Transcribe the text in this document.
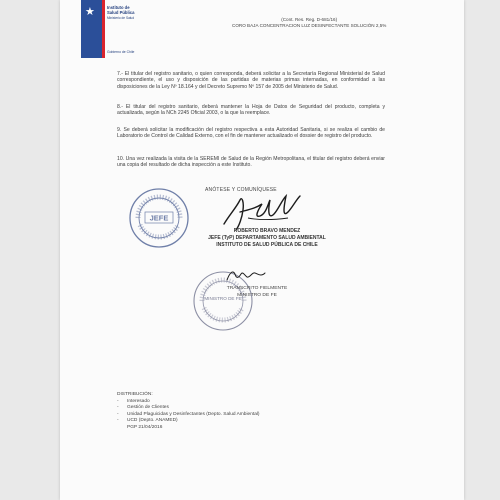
★	Instituto de Salud Pública
Ministerio de Salud
Gobierno de Chile
(Cont. Res. Reg. D-681/16)
CORO BAJA CONCENTRACION LUZ DESINFECTANTE SOLUCIÓN 2,5%

7.- El titular del registro sanitario, o quien corresponda, deberá solicitar a la Secretaría Regional Ministerial de Salud correspondiente, el uso y disposición de las partidas de materias primas internadas, en conformidad a las disposiciones de la Ley Nº 18.164 y del Decreto Supremo Nº 157 de 2005 del Ministerio de Salud.

8.- El titular del registro sanitario, deberá mantener la Hoja de Datos de Seguridad del producto, completa y actualizada, según la NCh 2245 Oficial 2003, o la que la reemplace.

9. Se deberá solicitar la modificación del registro respectiva a esta Autoridad Sanitaria, si se realiza el cambio de Laboratorio de Control de Calidad Externo, con el fin de mantener actualizado el dossier de registro del producto.

10. Una vez realizada la visita de la SEREMI de Salud de la Región Metropolitana, el titular del registro deberá enviar una copia del resultado de dicha inspección a este Instituto.

ANÓTESE Y COMUNÍQUESE
JEFE
ROBERTO BRAVO MENDEZ
JEFE (TyP) DEPARTAMENTO SALUD AMBIENTAL
INSTITUTO DE SALUD PÚBLICA DE CHILE
MINISTRO DE FE
TRANSCRITO FIELMENTE
MINISTRO DE FE
DISTRIBUCIÓN:
-	Interesado
-	Gestión de Clientes
-	Unidad Plaguicidas y Desinfectantes (Depto. Salud Ambiental)
-	UCD (Depto. ANAMED)
PGP 21/04/2016
